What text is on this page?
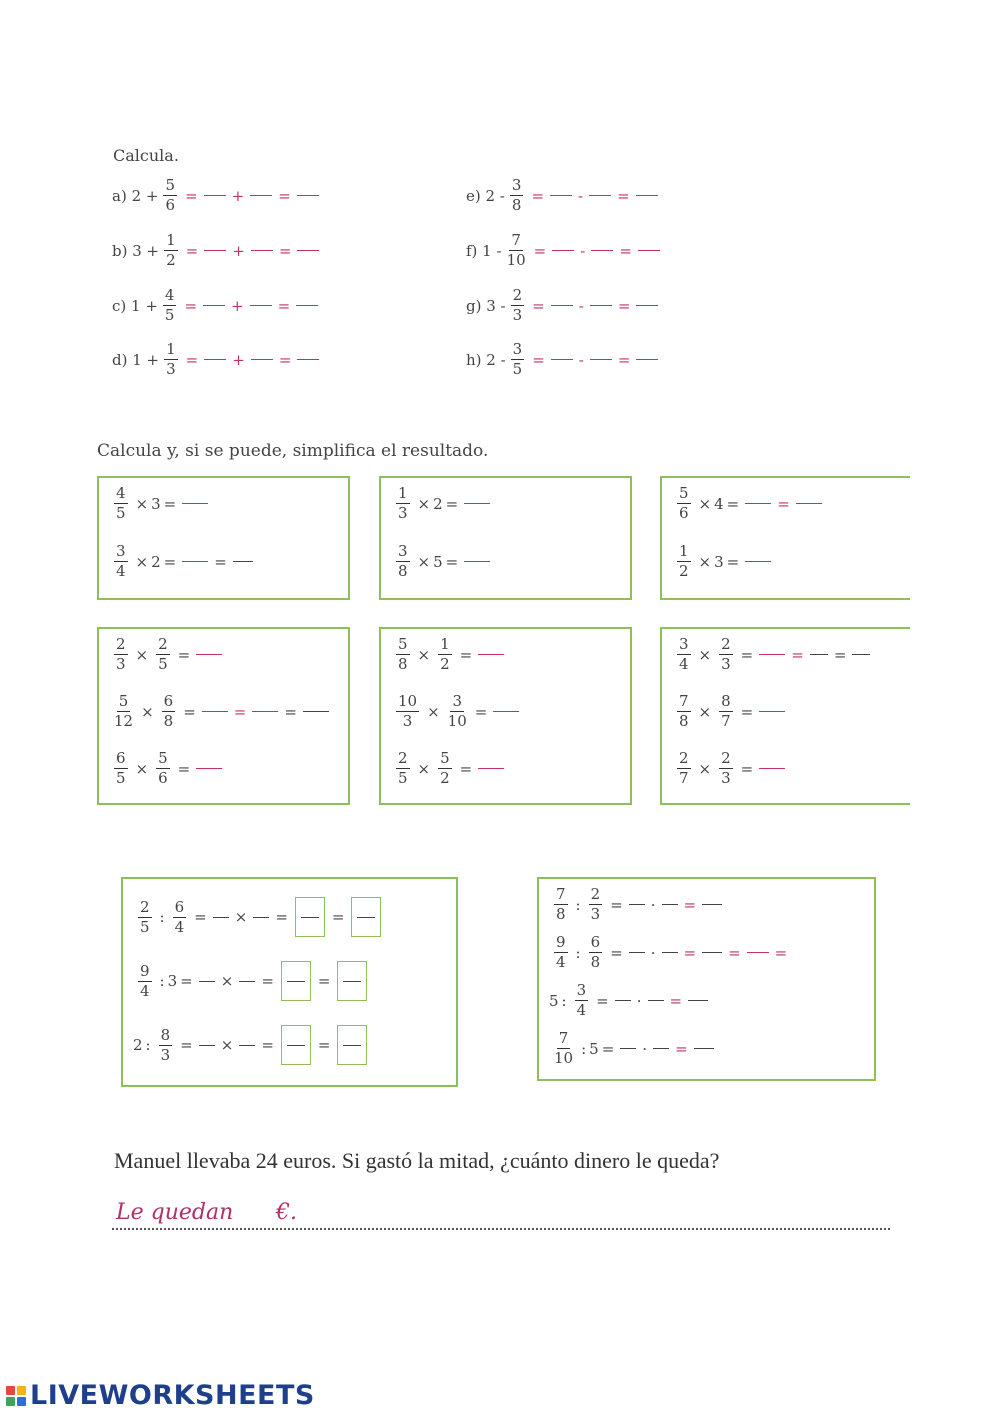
Calcula.
a) $2 + \frac{5}{6}$ = + =
b) $3 + \frac{1}{2}$ = + =
c) $1 + \frac{4}{5}$ = + =
d) $1 + \frac{1}{3}$ = + =
e) $2 - \frac{3}{8}$ = - =
f) $1 - \frac{7}{10}$ = - =
g) $3 - \frac{2}{3}$ = - =
h) $2 - \frac{3}{5}$ = - =
Calcula y, si se puede, simplifica el resultado.
$\frac{4}{5} \times 3$ =
$\frac{3}{4} \times 2$ =	=
$\frac{1}{3} \times 2$ =
$\frac{3}{8} \times 5$ =
$\frac{5}{6} \times 4$ =	=
$\frac{1}{2} \times 3$ =
$\frac{2}{3} \times \frac{2}{5}$ =
$\frac{5}{12} \times \frac{6}{8}$ =	=	=
$\frac{6}{5} \times \frac{5}{6}$ =
$\frac{5}{8} \times \frac{1}{2}$ =
$\frac{10}{3} \times \frac{3}{10}$ =
$\frac{2}{5} \times \frac{5}{2}$ =
$\frac{3}{4} \times \frac{2}{3}$ =	= =
$\frac{7}{8} \times \frac{8}{7}$ =
$\frac{2}{7} \times \frac{2}{3}$ =
$\frac{2}{5}$ : $\frac{6}{4}$ = × =	=
$\frac{9}{4}$ : 3 = × =	=
2 : $\frac{8}{3}$ = × =	=
$\frac{7}{8}$ : $\frac{2}{3}$ = · =
$\frac{9}{4}$ : $\frac{6}{8}$ = · = = =
5 : $\frac{3}{4}$ = · =
$\frac{7}{10}$ : 5 = · =
Manuel llevaba 24 euros. Si gastó la mitad, ¿cuánto dinero le queda?
Le quedan €.
LIVEWORKSHEETS
